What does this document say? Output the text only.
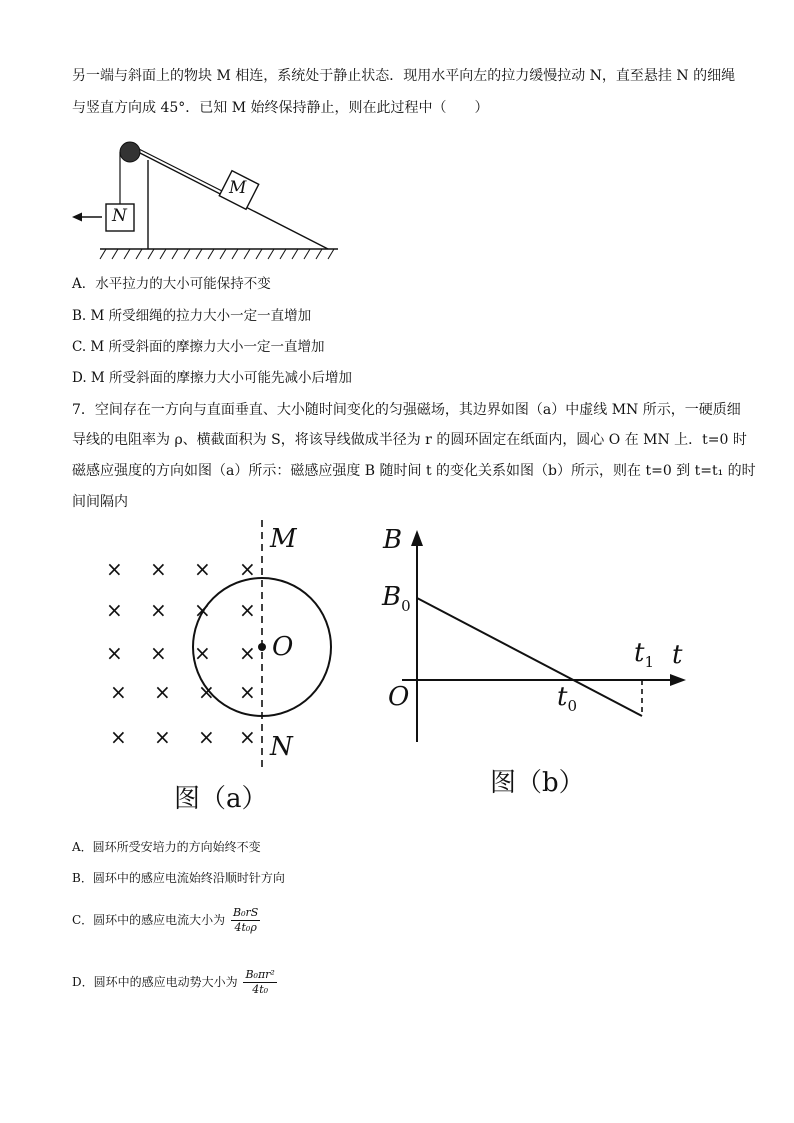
另一端与斜面上的物块 M 相连，系统处于静止状态．现用水平向左的拉力缓慢拉动 N，直至悬挂 N 的细绳
与竖直方向成 45°．已知 M 始终保持静止，则在此过程中（　　）
M
N
A．水平拉力的大小可能保持不变
B. M 所受细绳的拉力大小一定一直增加
C. M 所受斜面的摩擦力大小一定一直增加
D. M 所受斜面的摩擦力大小可能先减小后增加
7．空间存在一方向与直面垂直、大小随时间变化的匀强磁场，其边界如图（a）中虚线 MN 所示，一硬质细
导线的电阻率为 ρ、横截面积为 S，将该导线做成半径为 r 的圆环固定在纸面内，圆心 O 在 MN 上．t=0 时
磁感应强度的方向如图（a）所示：磁感应强度 B 随时间 t 的变化关系如图（b）所示，则在 t=0 到 t=t₁ 的时
间间隔内
× × × ×
× × × ×
× × × ×
× × × ×
× × × ×
M
O
N
图（a）
B
$B_0$
$t_1$ t
O	$t_0$
图（b）
A．圆环所受安培力的方向始终不变
B．圆环中的感应电流始终沿顺时针方向
C．圆环中的感应电流大小为 $\frac{\text{B₀rS}}{\text{4t₀ρ}}$
D．圆环中的感应电动势大小为 $\frac{\text{B₀πr²}}{\text{4t₀}}$
